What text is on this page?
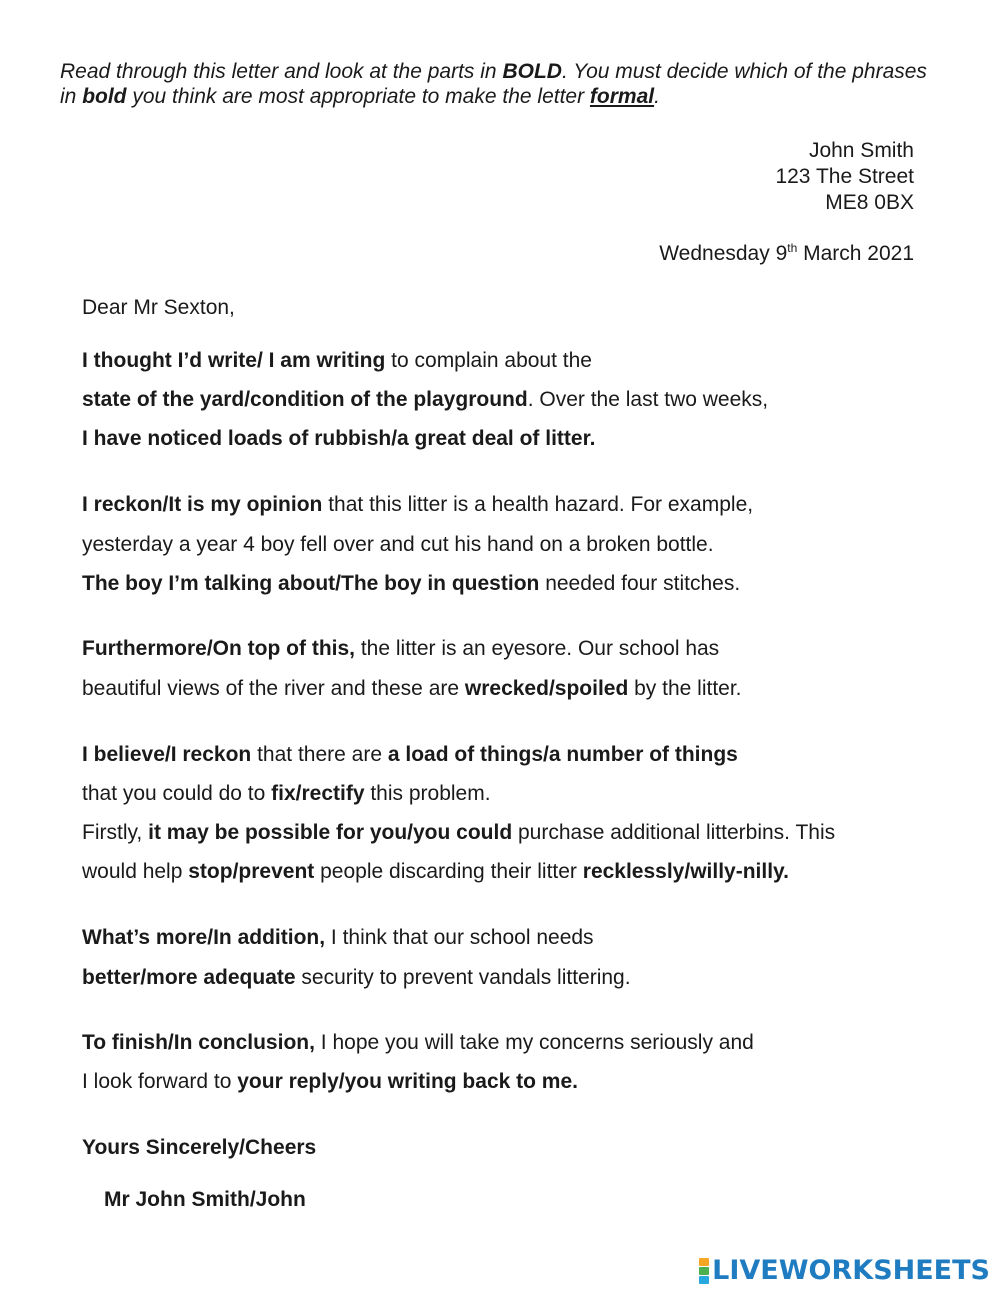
Read through this letter and look at the parts in BOLD. You must decide which of the phrases in bold you think are most appropriate to make the letter formal.
John Smith
123 The Street
ME8 0BX
Wednesday 9th March 2021
Dear Mr Sexton,
I thought I’d write/ I am writing to complain about the
state of the yard/condition of the playground. Over the last two weeks,
I have noticed loads of rubbish/a great deal of litter.
I reckon/It is my opinion that this litter is a health hazard. For example,
yesterday a year 4 boy fell over and cut his hand on a broken bottle.
The boy I’m talking about/The boy in question needed four stitches.
Furthermore/On top of this, the litter is an eyesore. Our school has
beautiful views of the river and these are wrecked/spoiled by the litter.
I believe/I reckon that there are a load of things/a number of things
that you could do to fix/rectify this problem.
Firstly, it may be possible for you/you could purchase additional litterbins. This
would help stop/prevent people discarding their litter recklessly/willy-nilly.
What’s more/In addition, I think that our school needs
better/more adequate security to prevent vandals littering.
To finish/In conclusion, I hope you will take my concerns seriously and
I look forward to your reply/you writing back to me.
Yours Sincerely/Cheers
Mr John Smith/John
LIVEWORKSHEETS
